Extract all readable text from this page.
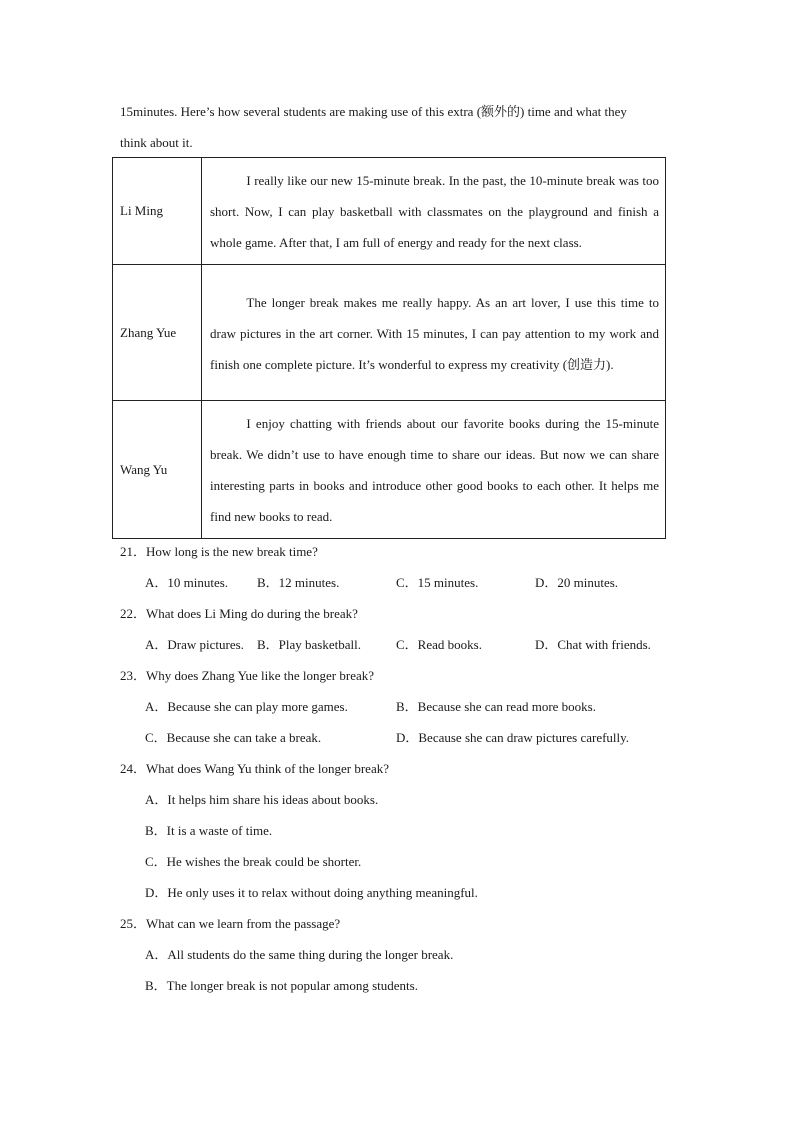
15minutes. Here’s how several students are making use of this extra (额外的) time and what they

think about it.

Li Ming	I really like our new 15-minute break. In the past, the 10-minute break was too short. Now, I can play basketball with classmates on the playground and finish a whole game. After that, I am full of energy and ready for the next class.

Zhang Yue	The longer break makes me really happy. As an art lover, I use this time to draw pictures in the art corner. With 15 minutes, I can pay attention to my work and finish one complete picture. It’s wonderful to express my creativity (创造力).

Wang Yu	I enjoy chatting with friends about our favorite books during the 15-minute break. We didn’t use to have enough time to share our ideas. But now we can share interesting parts in books and introduce other good books to each other. It helps me find new books to read.

21．How long is the new break time?
A．10 minutes. B．12 minutes.	C．15 minutes.	D．20 minutes.
22．What does Li Ming do during the break?
A．Draw pictures. B．Play basketball.	C．Read books.	D．Chat with friends.
23．Why does Zhang Yue like the longer break?
A．Because she can play more games.	B．Because she can read more books.
C．Because she can take a break.	D．Because she can draw pictures carefully.
24．What does Wang Yu think of the longer break?
A．It helps him share his ideas about books.
B．It is a waste of time.
C．He wishes the break could be shorter.
D．He only uses it to relax without doing anything meaningful.
25．What can we learn from the passage?
A．All students do the same thing during the longer break.
B．The longer break is not popular among students.
